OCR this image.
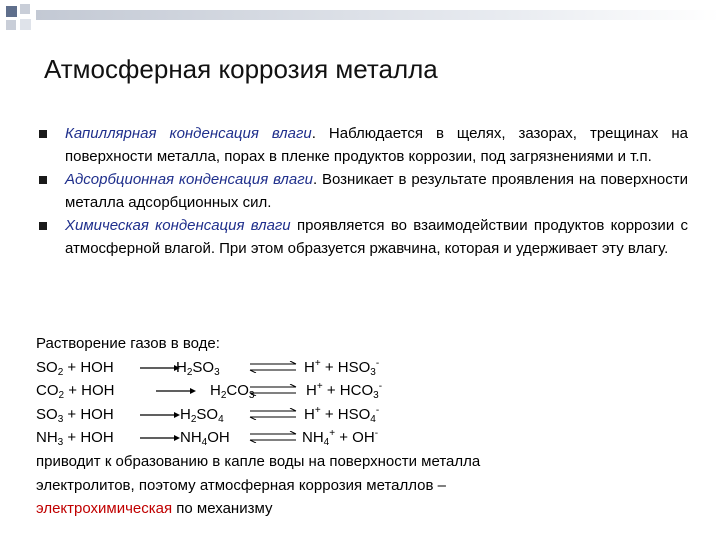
Атмосферная коррозия металла
Капиллярная конденсация влаги. Наблюдается в щелях, зазорах, трещинах на поверхности металла, порах в пленке продуктов коррозии, под загрязнениями и т.п.
Адсорбционная конденсация влаги. Возникает в результате проявления на поверхности металла адсорбционных сил.
Химическая конденсация влаги проявляется во взаимодействии продуктов коррозии с атмосферной влагой. При этом образуется ржавчина, которая и удерживает эту влагу.
Растворение газов в воде:
$SO_2$ + HOH	$H_2SO_3$ ⇌ $H^+ + HSO_3^-$
$CO_2$ + HOH	$H_2CO_3$ ⇌ $H^+ + HCO_3^-$
$SO_3$ + HOH	$H_2SO_4$ ⇌ $H^+ + HSO_4^-$
$NH_3$ + HOH	$NH_4OH$ ⇌ $NH_4^+ + OH^-$
приводит к образованию в капле воды на поверхности металла
электролитов, поэтому атмосферная коррозия металлов –
электрохимическая по механизму
